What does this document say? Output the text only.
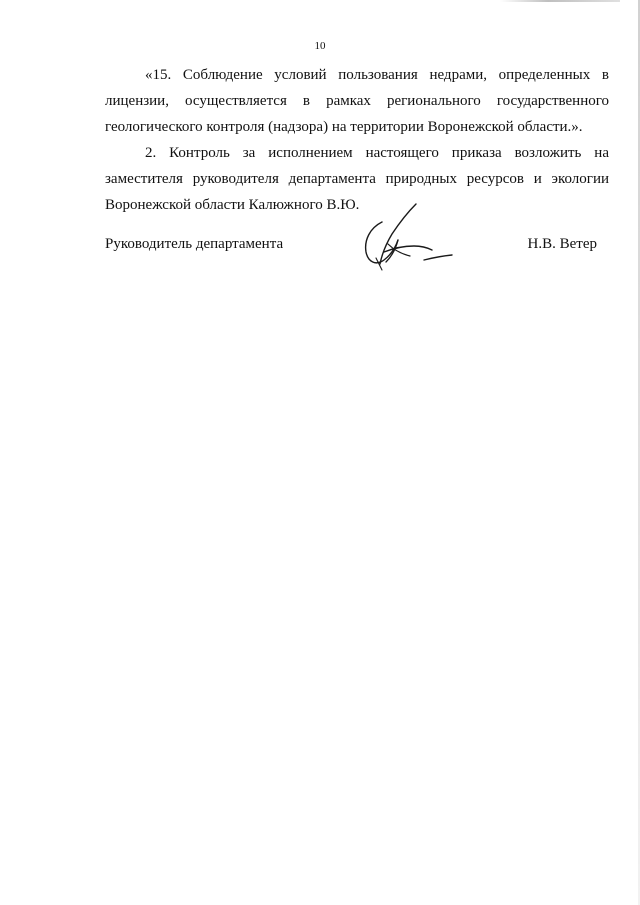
10

«15. Соблюдение условий пользования недрами, определенных в лицензии, осуществляется в рамках регионального государственного геологического контроля (надзора) на территории Воронежской области.».

2. Контроль за исполнением настоящего приказа возложить на заместителя руководителя департамента природных ресурсов и экологии Воронежской области Калюжного В.Ю.

Руководитель департамента	Н.В. Ветер
